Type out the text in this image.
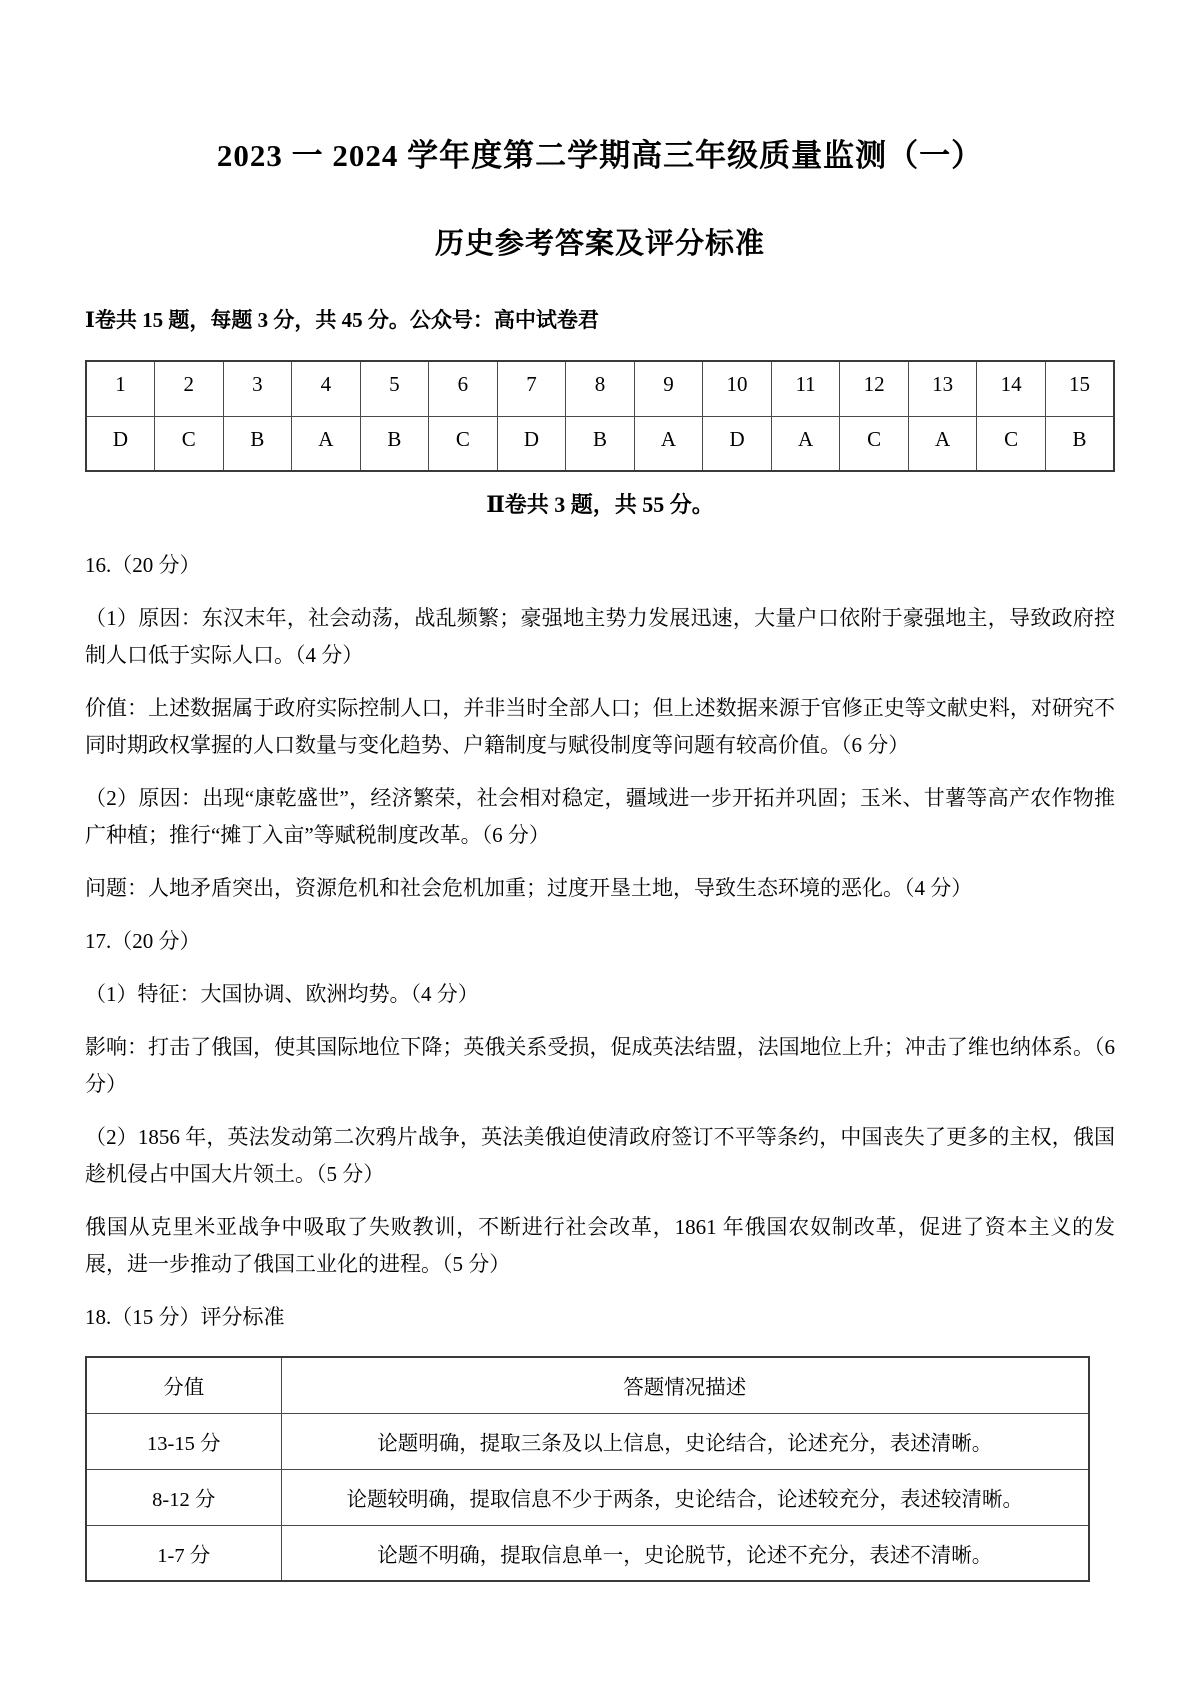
2023 一 2024 学年度第二学期高三年级质量监测（一）
历史参考答案及评分标准

Ⅰ卷共 15 题，每题 3 分，共 45 分。公众号：高中试卷君

1	2	3	4	5	6	7	8	9	10	11	12	13	14	15
D	C	B	A	B	C	D	B	A	D	A	C	A	C	B

Ⅱ卷共 3 题，共 55 分。

16.（20 分）

（1）原因：东汉末年，社会动荡，战乱频繁；豪强地主势力发展迅速，大量户口依附于豪强地主，导致政府控制人口低于实际人口。（4 分）

价值：上述数据属于政府实际控制人口，并非当时全部人口；但上述数据来源于官修正史等文献史料，对研究不同时期政权掌握的人口数量与变化趋势、户籍制度与赋役制度等问题有较高价值。（6 分）

（2）原因：出现“康乾盛世”，经济繁荣，社会相对稳定，疆域进一步开拓并巩固；玉米、甘薯等高产农作物推广种植；推行“摊丁入亩”等赋税制度改革。（6 分）

问题：人地矛盾突出，资源危机和社会危机加重；过度开垦土地，导致生态环境的恶化。（4 分）

17.（20 分）

（1）特征：大国协调、欧洲均势。（4 分）

影响：打击了俄国，使其国际地位下降；英俄关系受损，促成英法结盟，法国地位上升；冲击了维也纳体系。（6 分）

（2）1856 年，英法发动第二次鸦片战争，英法美俄迫使清政府签订不平等条约，中国丧失了更多的主权，俄国趁机侵占中国大片领土。（5 分）

俄国从克里米亚战争中吸取了失败教训，不断进行社会改革，1861 年俄国农奴制改革，促进了资本主义的发展，进一步推动了俄国工业化的进程。（5 分）

18.（15 分）评分标准

分值	答题情况描述
13-15 分	论题明确，提取三条及以上信息，史论结合，论述充分，表述清晰。
8-12 分	论题较明确，提取信息不少于两条，史论结合，论述较充分，表述较清晰。
1-7 分	论题不明确，提取信息单一，史论脱节，论述不充分，表述不清晰。
